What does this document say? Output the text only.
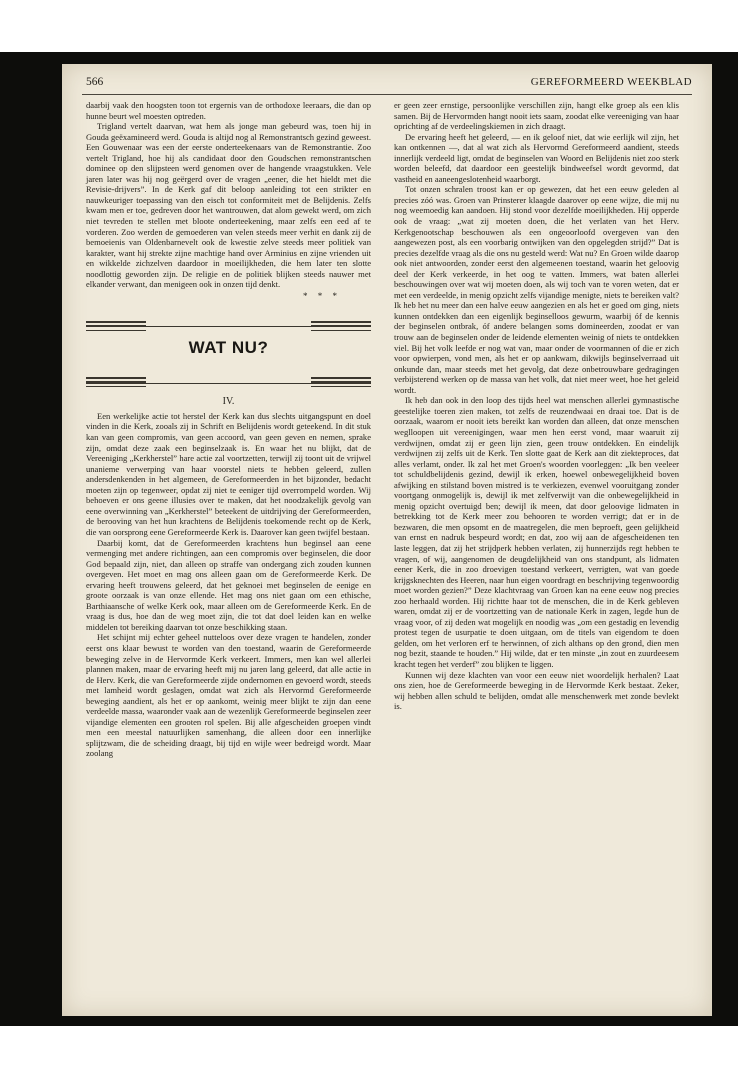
566	GEREFORMEERD WEEKBLAD

daarbij vaak den hoogsten toon tot ergernis van de orthodoxe leeraars, die dan op hunne beurt wel moesten optreden.

Trigland vertelt daarvan, wat hem als jonge man gebeurd was, toen hij in Gouda geëxamineerd werd. Gouda is altijd nog al Remonstrantsch gezind geweest. Een Gouwenaar was een der eerste onderteekenaars van de Remonstrantie. Zoo vertelt Trigland, hoe hij als candidaat door den Goudschen remonstrantschen dominee op den slijpsteen werd genomen over de hangende vraagstukken. Vele jaren later was hij nog geërgerd over de vragen „eener, die het hieldt met die Revisie-drijvers”. In de Kerk gaf dit beloop aanleiding tot een strikter en nauwkeuriger toepassing van den eisch tot conformiteit met de Belijdenis. Zelfs kwam men er toe, gedreven door het wantrouwen, dat alom gewekt werd, om zich niet tevreden te stellen met bloote onderteekening, maar zelfs een eed af te vorderen. Zoo werden de gemoederen van velen steeds meer verhit en dank zij de bemoeienis van Oldenbarnevelt ook de kwestie zelve steeds meer politiek van karakter, want hij strekte zijne machtige hand over Arminius en zijne vrienden uit en wikkelde zichzelven daardoor in moeilijkheden, die hem later ten slotte noodlottig geworden zijn. De religie en de politiek blijken steeds nauwer met elkander verwant, dan menigeen ook in onzen tijd denkt.

* * *
WAT NU?
IV.

Een werkelijke actie tot herstel der Kerk kan dus slechts uitgangspunt en doel vinden in die Kerk, zooals zij in Schrift en Belijdenis wordt geteekend. In dit stuk kan van geen compromis, van geen accoord, van geen geven en nemen, sprake zijn, omdat deze zaak een beginselzaak is. En waar het nu blijkt, dat de Vereeniging „Kerkherstel” hare actie zal voortzetten, terwijl zij toont uit de vrijwel unanieme verwerping van haar voorstel niets te hebben geleerd, zullen andersdenkenden in het algemeen, de Gereformeerden in het bijzonder, bedacht moeten zijn op tegenweer, opdat zij niet te eeniger tijd overrompeld worden. Wij behoeven er ons geene illusies over te maken, dat het noodzakelijk gevolg van eene overwinning van „Kerkherstel” beteekent de uitdrijving der Gereformeerden, de berooving van het hun krachtens de Belijdenis toekomende recht op de Kerk, die van oorsprong eene Gereformeerde Kerk is. Daarover kan geen twijfel bestaan.

Daarbij komt, dat de Gereformeerden krachtens hun beginsel aan eene vermenging met andere richtingen, aan een compromis over beginselen, die door God bepaald zijn, niet, dan alleen op straffe van ondergang zich zouden kunnen overgeven. Het moet en mag ons alleen gaan om de Gereformeerde Kerk. De ervaring heeft trouwens geleerd, dat het geknoei met beginselen de eenige en groote oorzaak is van onze ellende. Het mag ons niet gaan om een ethische, Barthiaansche of welke Kerk ook, maar alleen om de Gereformeerde Kerk. En de vraag is dus, hoe dan de weg moet zijn, die tot dat doel leiden kan en welke middelen tot bereiking daarvan tot onze beschikking staan.

Het schijnt mij echter geheel nutteloos over deze vragen te handelen, zonder eerst ons klaar bewust te worden van den toestand, waarin de Gereformeerde beweging zelve in de Hervormde Kerk verkeert. Immers, men kan wel allerlei plannen maken, maar de ervaring heeft mij nu jaren lang geleerd, dat alle actie in de Herv. Kerk, die van Gereformeerde zijde ondernomen en gevoerd wordt, steeds met lamheid wordt geslagen, omdat wat zich als Hervormd Gereformeerde beweging aandient, als het er op aankomt, weinig meer blijkt te zijn dan eene verdeelde massa, waaronder vaak aan de wezenlijk Gereformeerde beginselen zeer vijandige elementen een grooten rol spelen. Bij alle afgescheiden groepen vindt men een meestal natuurlijken samenhang, die alleen door een innerlijke splijtzwam, die de scheiding draagt, bij tijd en wijle weer bedreigd wordt. Maar zoolang

er geen zeer ernstige, persoonlijke verschillen zijn, hangt elke groep als een klis samen. Bij de Hervormden hangt nooit iets saam, zoodat elke vereeniging van haar oprichting af de verdeelingskiemen in zich draagt.

De ervaring heeft het geleerd, — en ik geloof niet, dat wie eerlijk wil zijn, het kan ontkennen —, dat al wat zich als Hervormd Gereformeerd aandient, steeds innerlijk verdeeld ligt, omdat de beginselen van Woord en Belijdenis niet zoo sterk worden beleefd, dat daardoor een geestelijk bindweefsel wordt gevormd, dat vastheid en aaneengeslotenheid waarborgt.

Tot onzen schralen troost kan er op gewezen, dat het een eeuw geleden al precies zóó was. Groen van Prinsterer klaagde daarover op eene wijze, die mij nu nog weemoedig kan aandoen. Hij stond voor dezelfde moeilijkheden. Hij opperde ook de vraag: „wat zij moeten doen, die het verlaten van het Herv. Kerkgenootschap beschouwen als een ongeoorloofd overgeven van den aangewezen post, als een voorbarig ontwijken van den opgelegden strijd?” Dat is precies dezelfde vraag als die ons nu gesteld werd: Wat nu? En Groen wilde daarop ook niet antwoorden, zonder eerst den algemeenen toestand, waarin het geloovig deel der Kerk verkeerde, in het oog te vatten. Immers, wat baten allerlei beschouwingen over wat wij moeten doen, als wij toch van te voren weten, dat er met een verdeelde, in menig opzicht zelfs vijandige menigte, niets te bereiken valt? Ik heb het nu meer dan een halve eeuw aangezien en als het er goed om ging, niets kunnen ontdekken dan een eigenlijk beginselloos gewurm, waarbij óf de kennis der beginselen ontbrak, óf andere belangen soms domineerden, zoodat er van trouw aan de beginselen onder de leidende elementen weinig of niets te ontdekken viel. Bij het volk leefde er nog wat van, maar onder de voormannen of die er zich voor opwierpen, vond men, als het er op aankwam, dikwijls beginselverraad uit onkunde dan, maar steeds met het gevolg, dat deze onbetrouwbare gedragingen verbijsterend werken op de massa van het volk, dat niet meer weet, hoe het geleid wordt.

Ik heb dan ook in den loop des tijds heel wat menschen allerlei gymnastische geestelijke toeren zien maken, tot zelfs de reuzendwaai en draai toe. Dat is de oorzaak, waarom er nooit iets bereikt kan worden dan alleen, dat onze menschen weglloopen uit vereenigingen, waar men hen eerst vond, maar waaruit zij verdwijnen, omdat zij er geen lijn zien, geen trouw ontdekken. En eindelijk verdwijnen zij zelfs uit de Kerk. Ten slotte gaat de Kerk aan dit ziekteproces, dat alles verlamt, onder. Ik zal het met Groen's woorden voorleggen: „Ik ben veeleer tot schuldbelijdenis gezind, dewijl ik erken, hoewel onbewegelijkheid boven afwijking en stilstand boven mistred is te verkiezen, evenwel vooruitgang zonder voortgang onmogelijk is, dewijl ik met zelfverwijt van die onbewegelijkheid in menig opzicht overtuigd ben; dewijl ik meen, dat door geloovige lidmaten in betrekking tot de Kerk meer zou behooren te worden verrigt; dat er in de bezwaren, die men opsomt en de maatregelen, die men beproeft, geen gelijkheid van ernst en nadruk bespeurd wordt; en dat, zoo wij aan de afgescheidenen ten laste leggen, dat zij het strijdperk hebben verlaten, zij hunnerzijds regt hebben te vragen, of wij, aangenomen de deugdelijkheid van ons standpunt, als lidmaten eener Kerk, die in zoo droevigen toestand verkeert, verrigten, wat van goede krijgsknechten des Heeren, naar hun eigen voordragt en beschrijving tegenwoordig moet worden gezien?” Deze klachtvraag van Groen kan na eene eeuw nog precies zoo herhaald worden. Hij richtte haar tot de menschen, die in de Kerk gebleven waren, omdat zij er de voortzetting van de nationale Kerk in zagen, legde hun de vraag voor, of zij deden wat mogelijk en noodig was „om een gestadig en levendig protest tegen de usurpatie te doen uitgaan, om de titels van eigendom te doen gelden, om het verloren erf te herwinnen, of zich althans op den grond, dien men nog bezit, staande te houden.” Hij wilde, dat er ten minste „in zout en zuurdeesem kracht tegen het verderf” zou blijken te liggen.

Kunnen wij deze klachten van voor een eeuw niet woordelijk herhalen? Laat ons zien, hoe de Gereformeerde beweging in de Hervormde Kerk bestaat. Zeker, wij hebben allen schuld te belijden, omdat alle menschenwerk met zonde bevlekt is.
